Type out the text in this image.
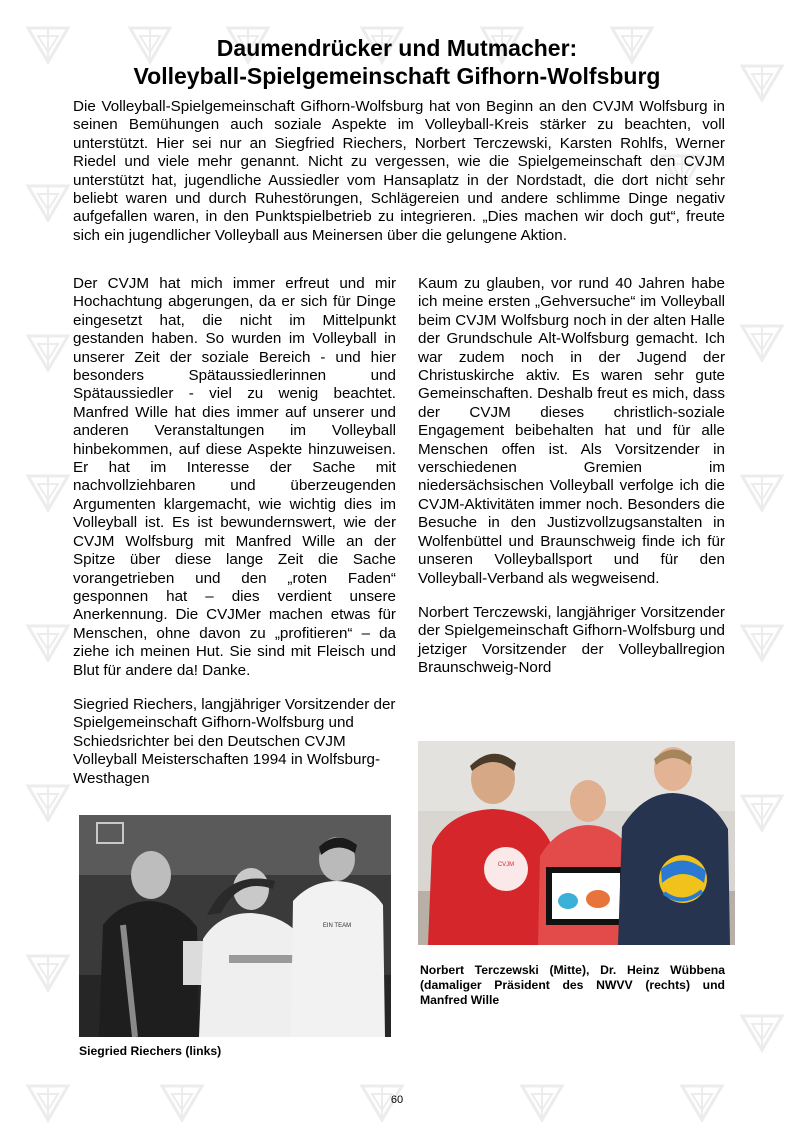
Daumendrücker und Mutmacher:
Volleyball-Spielgemeinschaft Gifhorn-Wolfsburg

Die Volleyball-Spielgemeinschaft Gifhorn-Wolfsburg hat von Beginn an den CVJM Wolfsburg in seinen Bemühungen auch soziale Aspekte im Volleyball-Kreis stärker zu beachten, voll unterstützt. Hier sei nur an Siegfried Riechers, Norbert Terczewski, Karsten Rohlfs, Werner Riedel und viele mehr genannt. Nicht zu vergessen, wie die Spielgemeinschaft den CVJM unterstützt hat, jugendliche Aussiedler vom Hansaplatz in der Nordstadt, die dort nicht sehr beliebt waren und durch Ruhestörungen, Schlägereien und andere schlimme Dinge negativ aufgefallen waren, in den Punktspielbetrieb zu integrieren. „Dies machen wir doch gut“, freute sich ein jugendlicher Volleyball aus Meinersen über die gelungene Aktion.

Der CVJM hat mich immer erfreut und mir Hochachtung abgerungen, da er sich für Dinge eingesetzt hat, die nicht im Mittelpunkt gestanden haben. So wurden im Volleyball in unserer Zeit der soziale Bereich - und hier besonders Spätaussiedlerinnen und Spätaussiedler - viel zu wenig beachtet. Manfred Wille hat dies immer auf unserer und anderen Veranstaltungen im Volleyball hinbekommen, auf diese Aspekte hinzuweisen. Er hat im Interesse der Sache mit nachvollziehbaren und überzeugenden Argumenten klargemacht, wie wichtig dies im Volleyball ist. Es ist bewundernswert, wie der CVJM Wolfsburg mit Manfred Wille an der Spitze über diese lange Zeit die Sache vorangetrieben und den „roten Faden“ gesponnen hat – dies verdient unsere Anerkennung. Die CVJMer machen etwas für Menschen, ohne davon zu „profitieren“ – da ziehe ich meinen Hut. Sie sind mit Fleisch und Blut für andere da! Danke.

Siegried Riechers, langjähriger Vorsitzender der Spielgemeinschaft Gifhorn-Wolfsburg und Schiedsrichter bei den Deutschen CVJM Volleyball Meisterschaften 1994 in Wolfsburg-Westhagen

Kaum zu glauben, vor rund 40 Jahren habe ich meine ersten „Gehversuche“ im Volleyball beim CVJM Wolfsburg noch in der alten Halle der Grundschule Alt-Wolfsburg gemacht. Ich war zudem noch in der Jugend der Christuskirche aktiv. Es waren sehr gute Gemeinschaften. Deshalb freut es mich, dass der CVJM dieses christlich-soziale Engagement beibehalten hat und für alle Menschen offen ist. Als Vorsitzender in verschiedenen Gremien im niedersächsischen Volleyball verfolge ich die CVJM-Aktivitäten immer noch. Besonders die Besuche in den Justizvollzugsanstalten in Wolfenbüttel und Braunschweig finde ich für unseren Volleyballsport und für den Volleyball-Verband als wegweisend.

Norbert Terczewski, langjähriger Vorsitzender der Spielgemeinschaft Gifhorn-Wolfsburg und jetziger Vorsitzender der Volleyballregion Braunschweig-Nord

CVJM

Norbert Terczewski (Mitte), Dr. Heinz Wübbena (damaliger Präsident des NWVV (rechts) und Manfred Wille

EIN TEAM

Siegried Riechers (links)

60
